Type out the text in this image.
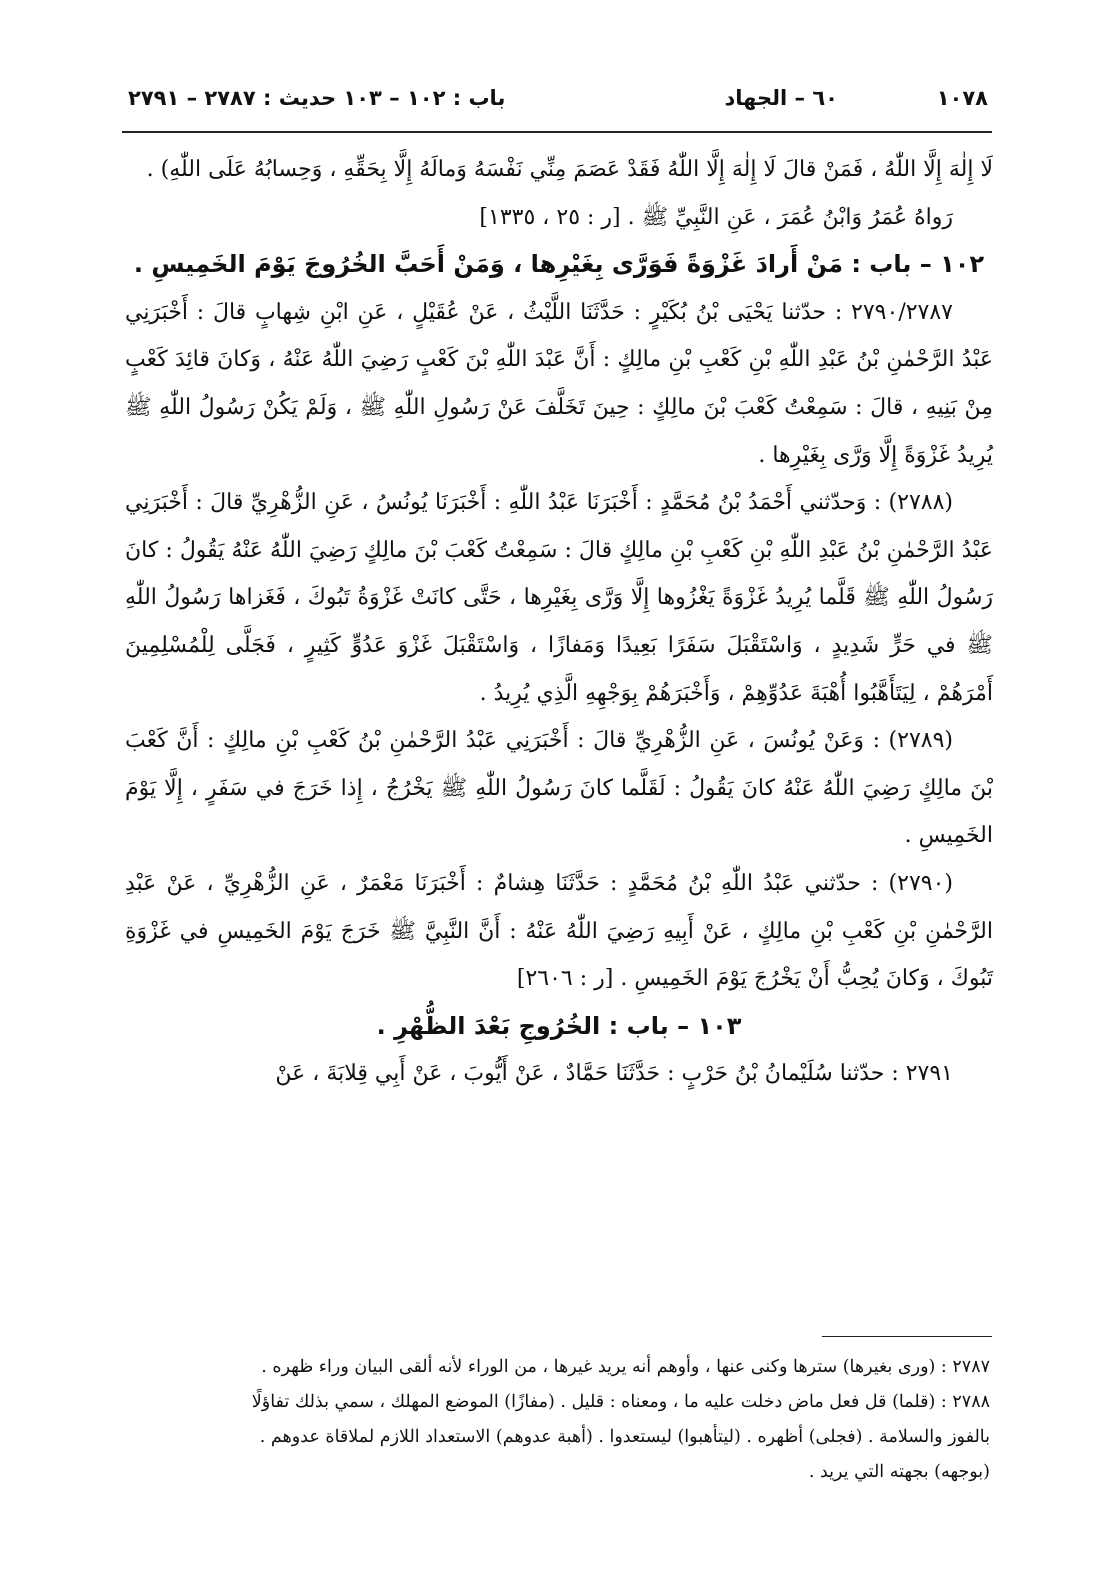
١٠٧٨
٦٠ – الجهاد
باب : ١٠٢ – ١٠٣ حديث : ٢٧٨٧ – ٢٧٩١

لَا إِلٰهَ إِلَّا اللّٰهُ ، فَمَنْ قالَ لَا إِلٰهَ إِلَّا اللّٰهُ فَقَدْ عَصَمَ مِنِّي نَفْسَهُ وَمالَهُ إِلَّا بِحَقِّهِ ، وَحِسابُهُ عَلَى اللّٰهِ) .

رَواهُ عُمَرُ وَابْنُ عُمَرَ ، عَنِ النَّبِيِّ ﷺ . [ر : ٢٥ ، ١٣٣٥]

١٠٢ – باب : مَنْ أَرادَ غَزْوَةً فَوَرَّى بِغَيْرِها ، وَمَنْ أَحَبَّ الخُرُوجَ يَوْمَ الخَمِيسِ .

٢٧٩٠/٢٧٨٧ : حدّثنا يَحْيَى بْنُ بُكَيْرٍ : حَدَّثَنَا اللَّيْثُ ، عَنْ عُقَيْلٍ ، عَنِ ابْنِ شِهابٍ قالَ : أَخْبَرَنِي عَبْدُ الرَّحْمٰنِ بْنُ عَبْدِ اللّٰهِ بْنِ كَعْبِ بْنِ مالِكٍ : أَنَّ عَبْدَ اللّٰهِ بْنَ كَعْبٍ رَضِيَ اللّٰهُ عَنْهُ ، وَكانَ قائِدَ كَعْبٍ مِنْ بَنِيهِ ، قالَ : سَمِعْتُ كَعْبَ بْنَ مالِكٍ : حِينَ تَخَلَّفَ عَنْ رَسُولِ اللّٰهِ ﷺ ، وَلَمْ يَكُنْ رَسُولُ اللّٰهِ ﷺ يُرِيدُ غَزْوَةً إِلَّا وَرَّى بِغَيْرِها .

(٢٧٨٨) : وَحدّثني أَحْمَدُ بْنُ مُحَمَّدٍ : أَخْبَرَنَا عَبْدُ اللّٰهِ : أَخْبَرَنَا يُونُسُ ، عَنِ الزُّهْرِيِّ قالَ : أَخْبَرَنِي عَبْدُ الرَّحْمٰنِ بْنُ عَبْدِ اللّٰهِ بْنِ كَعْبِ بْنِ مالِكٍ قالَ : سَمِعْتُ كَعْبَ بْنَ مالِكٍ رَضِيَ اللّٰهُ عَنْهُ يَقُولُ : كانَ رَسُولُ اللّٰهِ ﷺ قَلَّما يُرِيدُ غَزْوَةً يَغْزُوها إِلَّا وَرَّى بِغَيْرِها ، حَتَّى كانَتْ غَزْوَةُ تَبُوكَ ، فَغَزاها رَسُولُ اللّٰهِ ﷺ في حَرٍّ شَدِيدٍ ، وَاسْتَقْبَلَ سَفَرًا بَعِيدًا وَمَفازًا ، وَاسْتَقْبَلَ غَزْوَ عَدُوٍّ كَثِيرٍ ، فَجَلَّى لِلْمُسْلِمِينَ أَمْرَهُمْ ، لِيَتَأَهَّبُوا أُهْبَةَ عَدُوِّهِمْ ، وَأَخْبَرَهُمْ بِوَجْهِهِ الَّذِي يُرِيدُ .

(٢٧٨٩) : وَعَنْ يُونُسَ ، عَنِ الزُّهْرِيِّ قالَ : أَخْبَرَنِي عَبْدُ الرَّحْمٰنِ بْنُ كَعْبِ بْنِ مالِكٍ : أَنَّ كَعْبَ بْنَ مالِكٍ رَضِيَ اللّٰهُ عَنْهُ كانَ يَقُولُ : لَقَلَّما كانَ رَسُولُ اللّٰهِ ﷺ يَخْرُجُ ، إِذا خَرَجَ في سَفَرٍ ، إِلَّا يَوْمَ الخَمِيسِ .

(٢٧٩٠) : حدّثني عَبْدُ اللّٰهِ بْنُ مُحَمَّدٍ : حَدَّثَنَا هِشامٌ : أَخْبَرَنَا مَعْمَرٌ ، عَنِ الزُّهْرِيِّ ، عَنْ عَبْدِ الرَّحْمٰنِ بْنِ كَعْبِ بْنِ مالِكٍ ، عَنْ أَبِيهِ رَضِيَ اللّٰهُ عَنْهُ : أَنَّ النَّبِيَّ ﷺ خَرَجَ يَوْمَ الخَمِيسِ في غَزْوَةِ تَبُوكَ ، وَكانَ يُحِبُّ أَنْ يَخْرُجَ يَوْمَ الخَمِيسِ . [ر : ٢٦٠٦]

١٠٣ – باب : الخُرُوجِ بَعْدَ الظُّهْرِ .

٢٧٩١ : حدّثنا سُلَيْمانُ بْنُ حَرْبٍ : حَدَّثَنَا حَمَّادٌ ، عَنْ أَيُّوبَ ، عَنْ أَبِي قِلابَةَ ، عَنْ

٢٧٨٧ : (ورى بغيرها) سترها وكنى عنها ، وأوهم أنه يريد غيرها ، من الوراء لأنه ألقى البيان وراء ظهره .

٢٧٨٨ : (قلما) قل فعل ماض دخلت عليه ما ، ومعناه : قليل . (مفازًا) الموضع المهلك ، سمي بذلك تفاؤلًا

بالفوز والسلامة . (فجلى) أظهره . (ليتأهبوا) ليستعدوا . (أهبة عدوهم) الاستعداد اللازم لملاقاة عدوهم .

(بوجهه) بجهته التي يريد .
